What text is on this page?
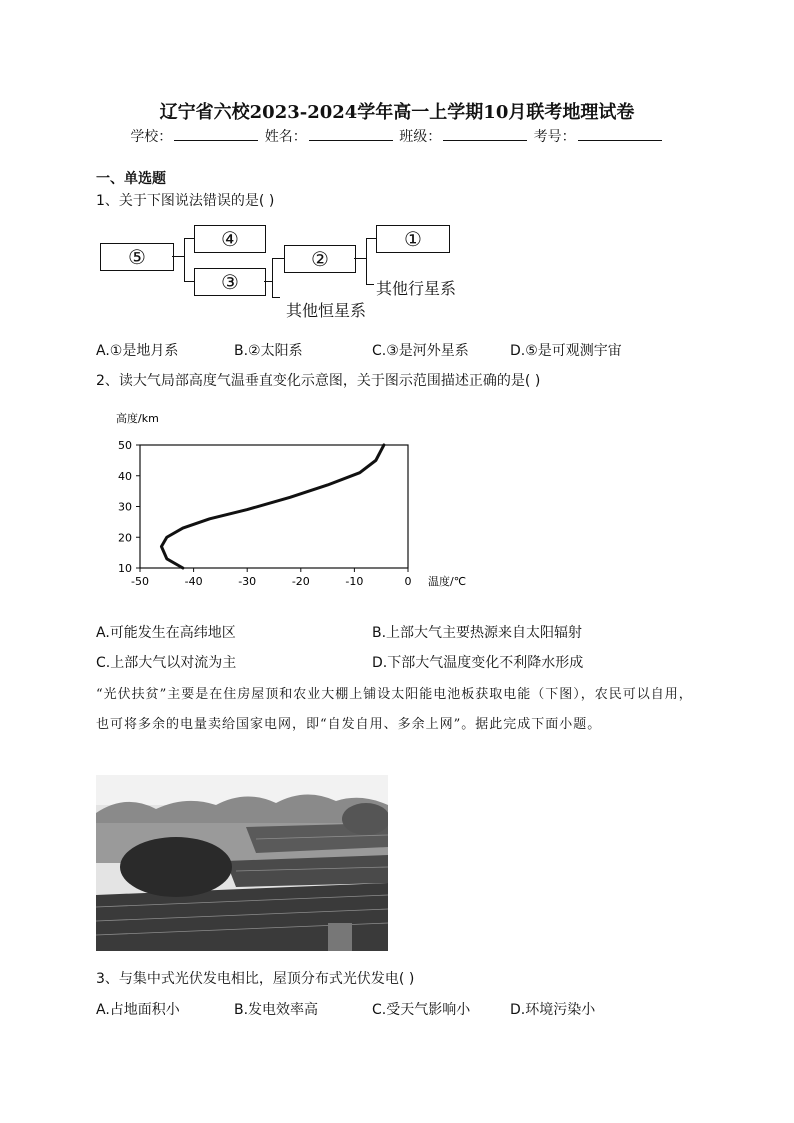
辽宁省六校2023-2024学年高一上学期10月联考地理试卷
学校：	姓名：	班级：	考号：
一、单选题
1、关于下图说法错误的是( )
⑤
④
③
②
其他恒星系
①
其他行星系
A.①是地月系	B.②太阳系	C.③是河外星系	D.⑤是可观测宇宙
2、读大气局部高度气温垂直变化示意图，关于图示范围描述正确的是( )
-50	-40	-30	-20	-10	0
10
20
30
40
50
高度/km
温度/℃
A.可能发生在高纬地区	B.上部大气主要热源来自太阳辐射
C.上部大气以对流为主	D.下部大气温度变化不利降水形成
“光伏扶贫”主要是在住房屋顶和农业大棚上铺设太阳能电池板获取电能（下图），农民可以自用，也可将多余的电量卖给国家电网，即“自发自用、多余上网”。据此完成下面小题。
3、与集中式光伏发电相比，屋顶分布式光伏发电( )
A.占地面积小	B.发电效率高	C.受天气影响小	D.环境污染小
